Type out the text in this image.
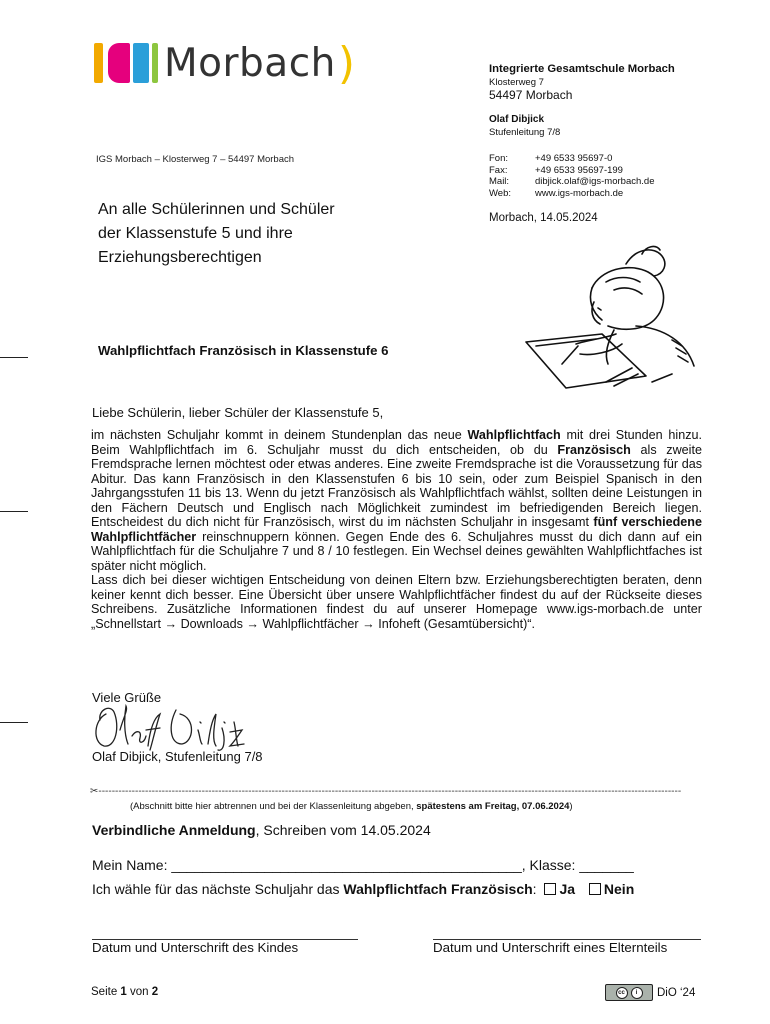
Morbach )
IGS Morbach – Klosterweg 7 – 54497 Morbach
Integrierte Gesamtschule Morbach
Klosterweg 7
54497 Morbach
Olaf Dibjick
Stufenleitung 7/8
Fon:	+49 6533 95697-0
Fax:	+49 6533 95697-199
Mail:	dibjick.olaf@igs-morbach.de
Web:	www.igs-morbach.de
An alle Schülerinnen und Schüler
der Klassenstufe 5 und ihre
Erziehungsberechtigen
Morbach, 14.05.2024
Wahlpflichtfach Französisch in Klassenstufe 6
Liebe Schülerin, lieber Schüler der Klassenstufe 5,
im nächsten Schuljahr kommt in deinem Stundenplan das neue Wahlpflichtfach mit drei Stunden hinzu. Beim Wahlpflichtfach im 6. Schuljahr musst du dich entscheiden, ob du Französisch als zweite Fremdsprache lernen möchtest oder etwas anderes. Eine zweite Fremdsprache ist die Voraussetzung für das Abitur. Das kann Französisch in den Klassenstufen 6 bis 10 sein, oder zum Beispiel Spanisch in den Jahrgangsstufen 11 bis 13. Wenn du jetzt Französisch als Wahlpflichtfach wählst, sollten deine Leistungen in den Fächern Deutsch und Englisch nach Möglichkeit zumindest im befriedigenden Bereich liegen. Entscheidest du dich nicht für Französisch, wirst du im nächsten Schuljahr in insgesamt fünf verschiedene Wahlpflichtfächer reinschnuppern können. Gegen Ende des 6. Schuljahres musst du dich dann auf ein Wahlpflichtfach für die Schuljahre 7 und 8 / 10 festlegen. Ein Wechsel deines gewählten Wahlpflichtfaches ist später nicht möglich.
Lass dich bei dieser wichtigen Entscheidung von deinen Eltern bzw. Erziehungsberechtigten beraten, denn keiner kennt dich besser. Eine Übersicht über unsere Wahlpflichtfächer findest du auf der Rückseite dieses Schreibens. Zusätzliche Informationen findest du auf unserer Homepage www.igs-morbach.de unter „Schnellstart → Downloads → Wahlpflichtfächer → Infoheft (Gesamtübersicht)“.
Viele Grüße
Olaf Dibjick, Stufenleitung 7/8
✂-------------------------------------------------------------------------------------------------------------------------------------------------------------------------------
(Abschnitt bitte hier abtrennen und bei der Klassenleitung abgeben, spätestens am Freitag, 07.06.2024)
Verbindliche Anmeldung, Schreiben vom 14.05.2024
Mein Name: _____________________________________________, Klasse: _______
Ich wähle für das nächste Schuljahr das Wahlpflichtfach Französisch: Ja Nein
Datum und Unterschrift des Kindes	Datum und Unterschrift eines Elternteils
Seite 1 von 2	cc	i	DiO ‘24
